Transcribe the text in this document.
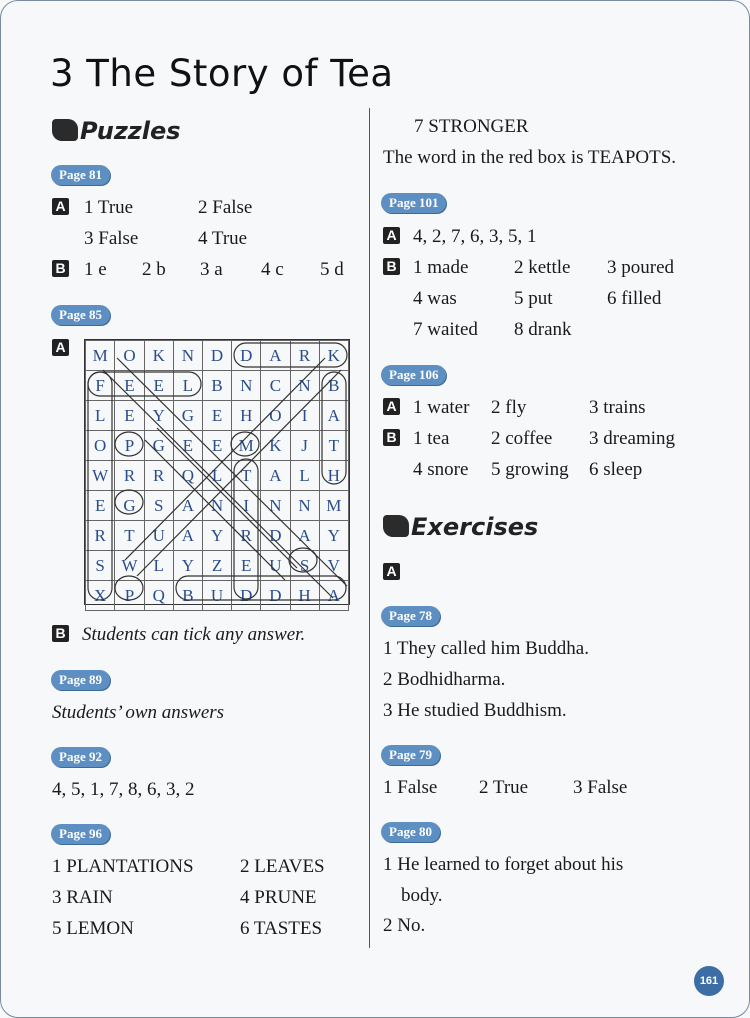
3 The Story of Tea
Puzzles
Page 81
A 1 True	2 False
3 False	4 True
B 1 e 2 b 3 a 4 c 5 d
Page 85
A M	O	K	N	D	D	A	R	K
F	E	E	L	B	N	C	N	B
L	E	Y	G	E	H	O	I	A
O	P	G	E	E	M	K	J	T
W	R	R	Q	L	T	A	L	H
E	G	S	A	N	I	N	N	M
R	T	U	A	Y	R	D	A	Y
S	W	L	Y	Z	E	U	S	V
X	P	Q	B	U	D	D	H	A
B Students can tick any answer.
Page 89
Students’ own answers
Page 92
4, 5, 1, 7, 8, 6, 3, 2
Page 96
1 PLANTATIONS 2 LEAVES
3 RAIN	4 PRUNE
5 LEMON	6 TASTES
7 STRONGER
The word in the red box is TEAPOTS.
Page 101
A 4, 2, 7, 6, 3, 5, 1
B 1 made 2 kettle 3 poured
4 was	5 put	6 filled
7 waited 8 drank
Page 106
A 1 water 2 fly	3 trains
B 1 tea 2 coffee 3 dreaming
4 snore 5 growing 6 sleep
Exercises
A
Page 78
1 They called him Buddha.
2 Bodhidharma.
3 He studied Buddhism.
Page 79
1 False 2 True 3 False
Page 80
1 He learned to forget about his
body.
2 No.
161
